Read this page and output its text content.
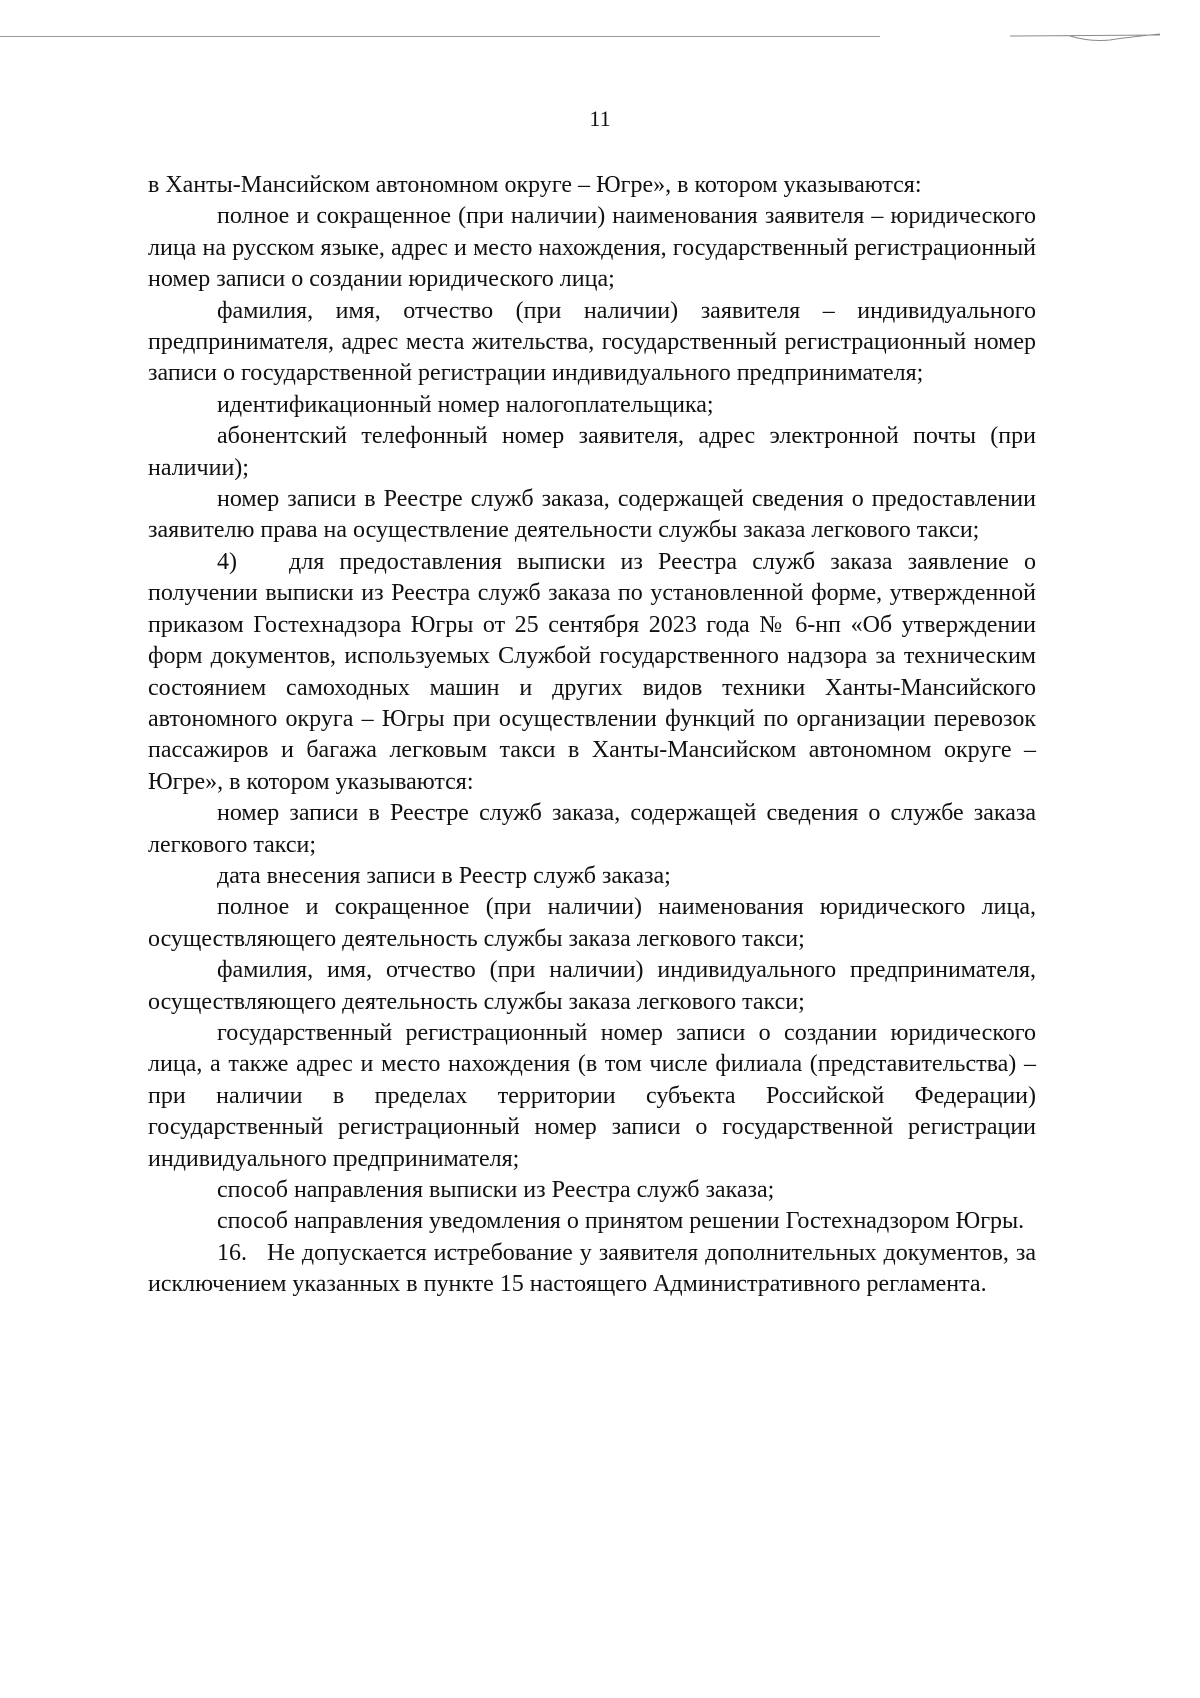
11

в Ханты-Мансийском автономном округе – Югре», в котором указываются:

полное и сокращенное (при наличии) наименования заявителя – юридического лица на русском языке, адрес и место нахождения, государственный регистрационный номер записи о создании юридического лица;

фамилия, имя, отчество (при наличии) заявителя – индивидуального предпринимателя, адрес места жительства, государственный регистрационный номер записи о государственной регистрации индивидуального предпринимателя;

идентификационный номер налогоплательщика;

абонентский телефонный номер заявителя, адрес электронной почты (при наличии);

номер записи в Реестре служб заказа, содержащей сведения о предоставлении заявителю права на осуществление деятельности службы заказа легкового такси;

4) для предоставления выписки из Реестра служб заказа заявление о получении выписки из Реестра служб заказа по установленной форме, утвержденной приказом Гостехнадзора Югры от 25 сентября 2023 года № 6-нп «Об утверждении форм документов, используемых Службой государственного надзора за техническим состоянием самоходных машин и других видов техники Ханты-Мансийского автономного округа – Югры при осуществлении функций по организации перевозок пассажиров и багажа легковым такси в Ханты-Мансийском автономном округе – Югре», в котором указываются:

номер записи в Реестре служб заказа, содержащей сведения о службе заказа легкового такси;

дата внесения записи в Реестр служб заказа;

полное и сокращенное (при наличии) наименования юридического лица, осуществляющего деятельность службы заказа легкового такси;

фамилия, имя, отчество (при наличии) индивидуального предпринимателя, осуществляющего деятельность службы заказа легкового такси;

государственный регистрационный номер записи о создании юридического лица, а также адрес и место нахождения (в том числе филиала (представительства) – при наличии в пределах территории субъекта Российской Федерации) государственный регистрационный номер записи о государственной регистрации индивидуального предпринимателя;

способ направления выписки из Реестра служб заказа;

способ направления уведомления о принятом решении Гостехнадзором Югры.

16. Не допускается истребование у заявителя дополнительных документов, за исключением указанных в пункте 15 настоящего Административного регламента.
